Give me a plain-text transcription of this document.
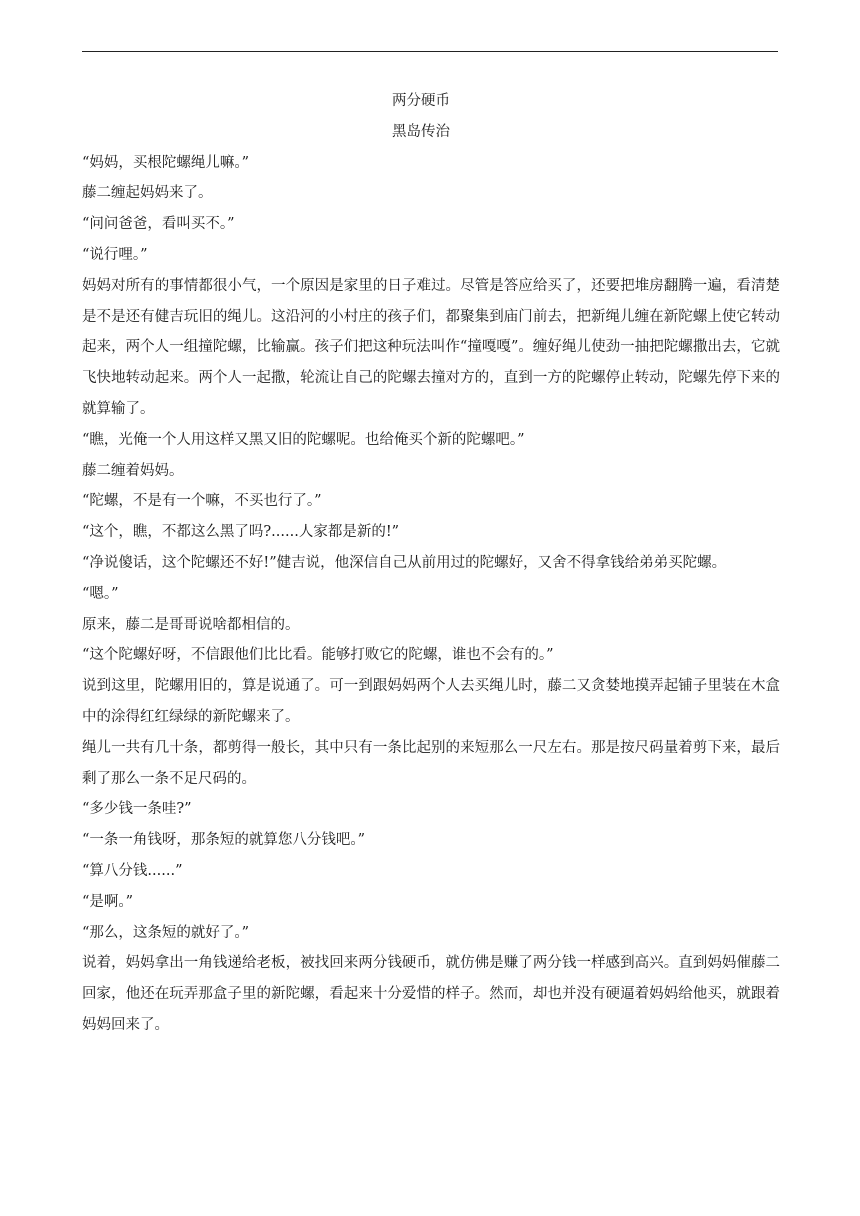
两分硬币

黑岛传治

“妈妈，买根陀螺绳儿嘛。”

藤二缠起妈妈来了。

“问问爸爸，看叫买不。”

“说行哩。”

妈妈对所有的事情都很小气，一个原因是家里的日子难过。尽管是答应给买了，还要把堆房翻腾一遍，看清楚是不是还有健吉玩旧的绳儿。这沿河的小村庄的孩子们，都聚集到庙门前去，把新绳儿缠在新陀螺上使它转动起来，两个人一组撞陀螺，比输赢。孩子们把这种玩法叫作“撞嘎嘎”。缠好绳儿使劲一抽把陀螺撒出去，它就飞快地转动起来。两个人一起撒，轮流让自己的陀螺去撞对方的，直到一方的陀螺停止转动，陀螺先停下来的就算输了。

“瞧，光俺一个人用这样又黑又旧的陀螺呢。也给俺买个新的陀螺吧。”

藤二缠着妈妈。

“陀螺，不是有一个嘛，不买也行了。”

“这个，瞧，不都这么黑了吗?......人家都是新的!”

“净说傻话，这个陀螺还不好!”健吉说，他深信自己从前用过的陀螺好，又舍不得拿钱给弟弟买陀螺。

“嗯。”

原来，藤二是哥哥说啥都相信的。

“这个陀螺好呀，不信跟他们比比看。能够打败它的陀螺，谁也不会有的。”

说到这里，陀螺用旧的，算是说通了。可一到跟妈妈两个人去买绳儿时，藤二又贪婪地摸弄起铺子里装在木盒中的涂得红红绿绿的新陀螺来了。

绳儿一共有几十条，都剪得一般长，其中只有一条比起别的来短那么一尺左右。那是按尺码量着剪下来，最后剩了那么一条不足尺码的。

“多少钱一条哇?”

“一条一角钱呀，那条短的就算您八分钱吧。”

“算八分钱......”

“是啊。”

“那么，这条短的就好了。”

说着，妈妈拿出一角钱递给老板，被找回来两分钱硬币，就仿佛是赚了两分钱一样感到高兴。直到妈妈催藤二回家，他还在玩弄那盒子里的新陀螺，看起来十分爱惜的样子。然而，却也并没有硬逼着妈妈给他买，就跟着妈妈回来了。
